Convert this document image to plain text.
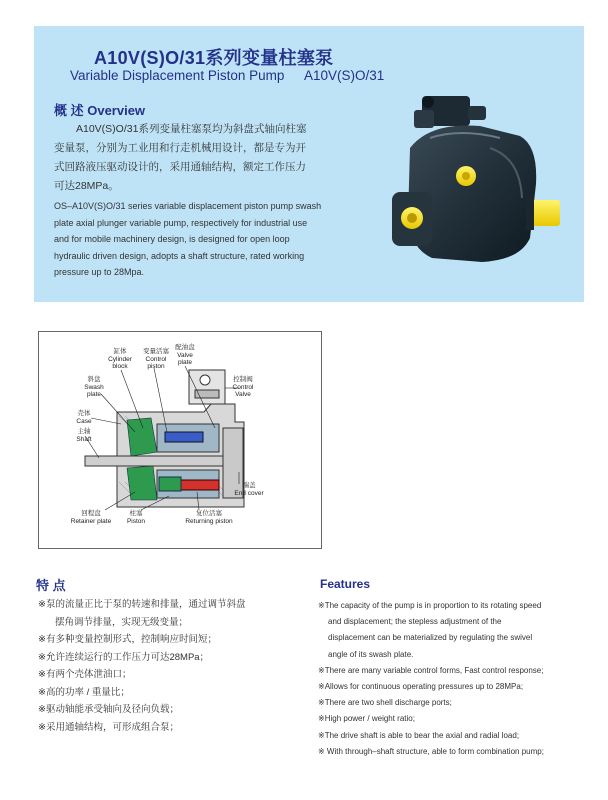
A10V(S)O/31系列变量柱塞泵
Variable Displacement Piston Pump A10V(S)O/31
概 述 Overview
A10V(S)O/31系列变量柱塞泵均为斜盘式轴向柱塞变量泵，分别为工业用和行走机械用设计，都是专为开式回路液压驱动设计的，采用通轴结构，额定工作压力可达28MPa。
OS–A10V(S)O/31 series variable displacement piston pump swash plate axial plunger variable pump, respectively for industrial use and for mobile machinery design, is designed for open loop hydraulic driven design, adopts a shaft structure, rated working pressure up to 28Mpa.
缸体
Cylinder
block
变量活塞
Control
piston
配油盘
Valve
plate
控制阀
Control
Valve
斜盘
Swash
plate
壳体
Case
主轴
Shaft
端盖
End cover
回程盘
Retainer plate
柱塞
Piston
复位活塞
Returning piston
特 点
※泵的流量正比于泵的转速和排量，通过调节斜盘
摆角调节排量，实现无级变量；
※有多种变量控制形式，控制响应时间短；
※允许连续运行的工作压力可达28MPa；
※有两个壳体泄油口；
※高的功率 / 重量比；
※驱动轴能承受轴向及径向负载；
※采用通轴结构，可形成组合泵；
Features
※The capacity of the pump is in proportion to its rotating speed
and displacement; the stepless adjustment of the
displacement can be materialized by regulating the swivel
angle of its swash plate.
※There are many variable control forms, Fast control response;
※Allows for continuous operating pressures up to 28MPa;
※There are two shell discharge ports;
※High power / weight ratio;
※The drive shaft is able to bear the axial and radial load;
※ With through–shaft structure, able to form combination pump;
